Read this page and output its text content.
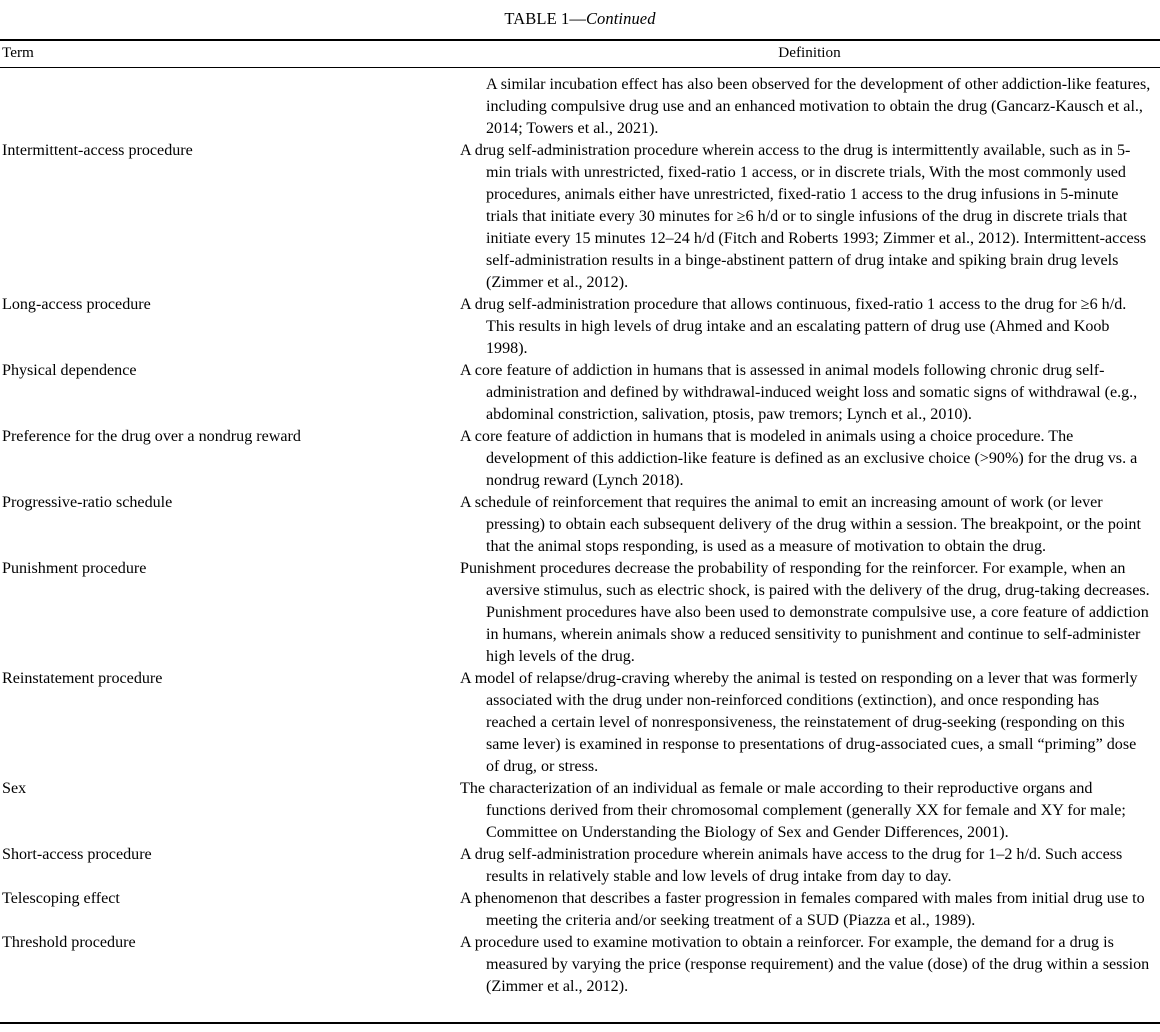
TABLE 1—Continued
Term	Definition

	A similar incubation effect has also been observed for the development of other addiction-like features, including compulsive drug use and an enhanced motivation to obtain the drug (Gancarz-Kausch et al., 2014; Towers et al., 2021).

Intermittent-access procedure	A drug self-administration procedure wherein access to the drug is intermittently available, such as in 5-min trials with unrestricted, fixed-ratio 1 access, or in discrete trials, With the most commonly used procedures, animals either have unrestricted, fixed-ratio 1 access to the drug infusions in 5-minute trials that initiate every 30 minutes for ≥6 h/d or to single infusions of the drug in discrete trials that initiate every 15 minutes 12–24 h/d (Fitch and Roberts 1993; Zimmer et al., 2012). Intermittent-access self-administration results in a binge-abstinent pattern of drug intake and spiking brain drug levels (Zimmer et al., 2012).

Long-access procedure	A drug self-administration procedure that allows continuous, fixed-ratio 1 access to the drug for ≥6 h/d. This results in high levels of drug intake and an escalating pattern of drug use (Ahmed and Koob 1998).

Physical dependence	A core feature of addiction in humans that is assessed in animal models following chronic drug self-administration and defined by withdrawal-induced weight loss and somatic signs of withdrawal (e.g., abdominal constriction, salivation, ptosis, paw tremors; Lynch et al., 2010).

Preference for the drug over a nondrug reward	A core feature of addiction in humans that is modeled in animals using a choice procedure. The development of this addiction-like feature is defined as an exclusive choice (>90%) for the drug vs. a nondrug reward (Lynch 2018).

Progressive-ratio schedule	A schedule of reinforcement that requires the animal to emit an increasing amount of work (or lever pressing) to obtain each subsequent delivery of the drug within a session. The breakpoint, or the point that the animal stops responding, is used as a measure of motivation to obtain the drug.

Punishment procedure	Punishment procedures decrease the probability of responding for the reinforcer. For example, when an aversive stimulus, such as electric shock, is paired with the delivery of the drug, drug-taking decreases. Punishment procedures have also been used to demonstrate compulsive use, a core feature of addiction in humans, wherein animals show a reduced sensitivity to punishment and continue to self-administer high levels of the drug.

Reinstatement procedure	A model of relapse/drug-craving whereby the animal is tested on responding on a lever that was formerly associated with the drug under non-reinforced conditions (extinction), and once responding has reached a certain level of nonresponsiveness, the reinstatement of drug-seeking (responding on this same lever) is examined in response to presentations of drug-associated cues, a small “priming” dose of drug, or stress.

Sex	The characterization of an individual as female or male according to their reproductive organs and functions derived from their chromosomal complement (generally XX for female and XY for male; Committee on Understanding the Biology of Sex and Gender Differences, 2001).

Short-access procedure	A drug self-administration procedure wherein animals have access to the drug for 1–2 h/d. Such access results in relatively stable and low levels of drug intake from day to day.

Telescoping effect	A phenomenon that describes a faster progression in females compared with males from initial drug use to meeting the criteria and/or seeking treatment of a SUD (Piazza et al., 1989).

Threshold procedure	A procedure used to examine motivation to obtain a reinforcer. For example, the demand for a drug is measured by varying the price (response requirement) and the value (dose) of the drug within a session (Zimmer et al., 2012).
